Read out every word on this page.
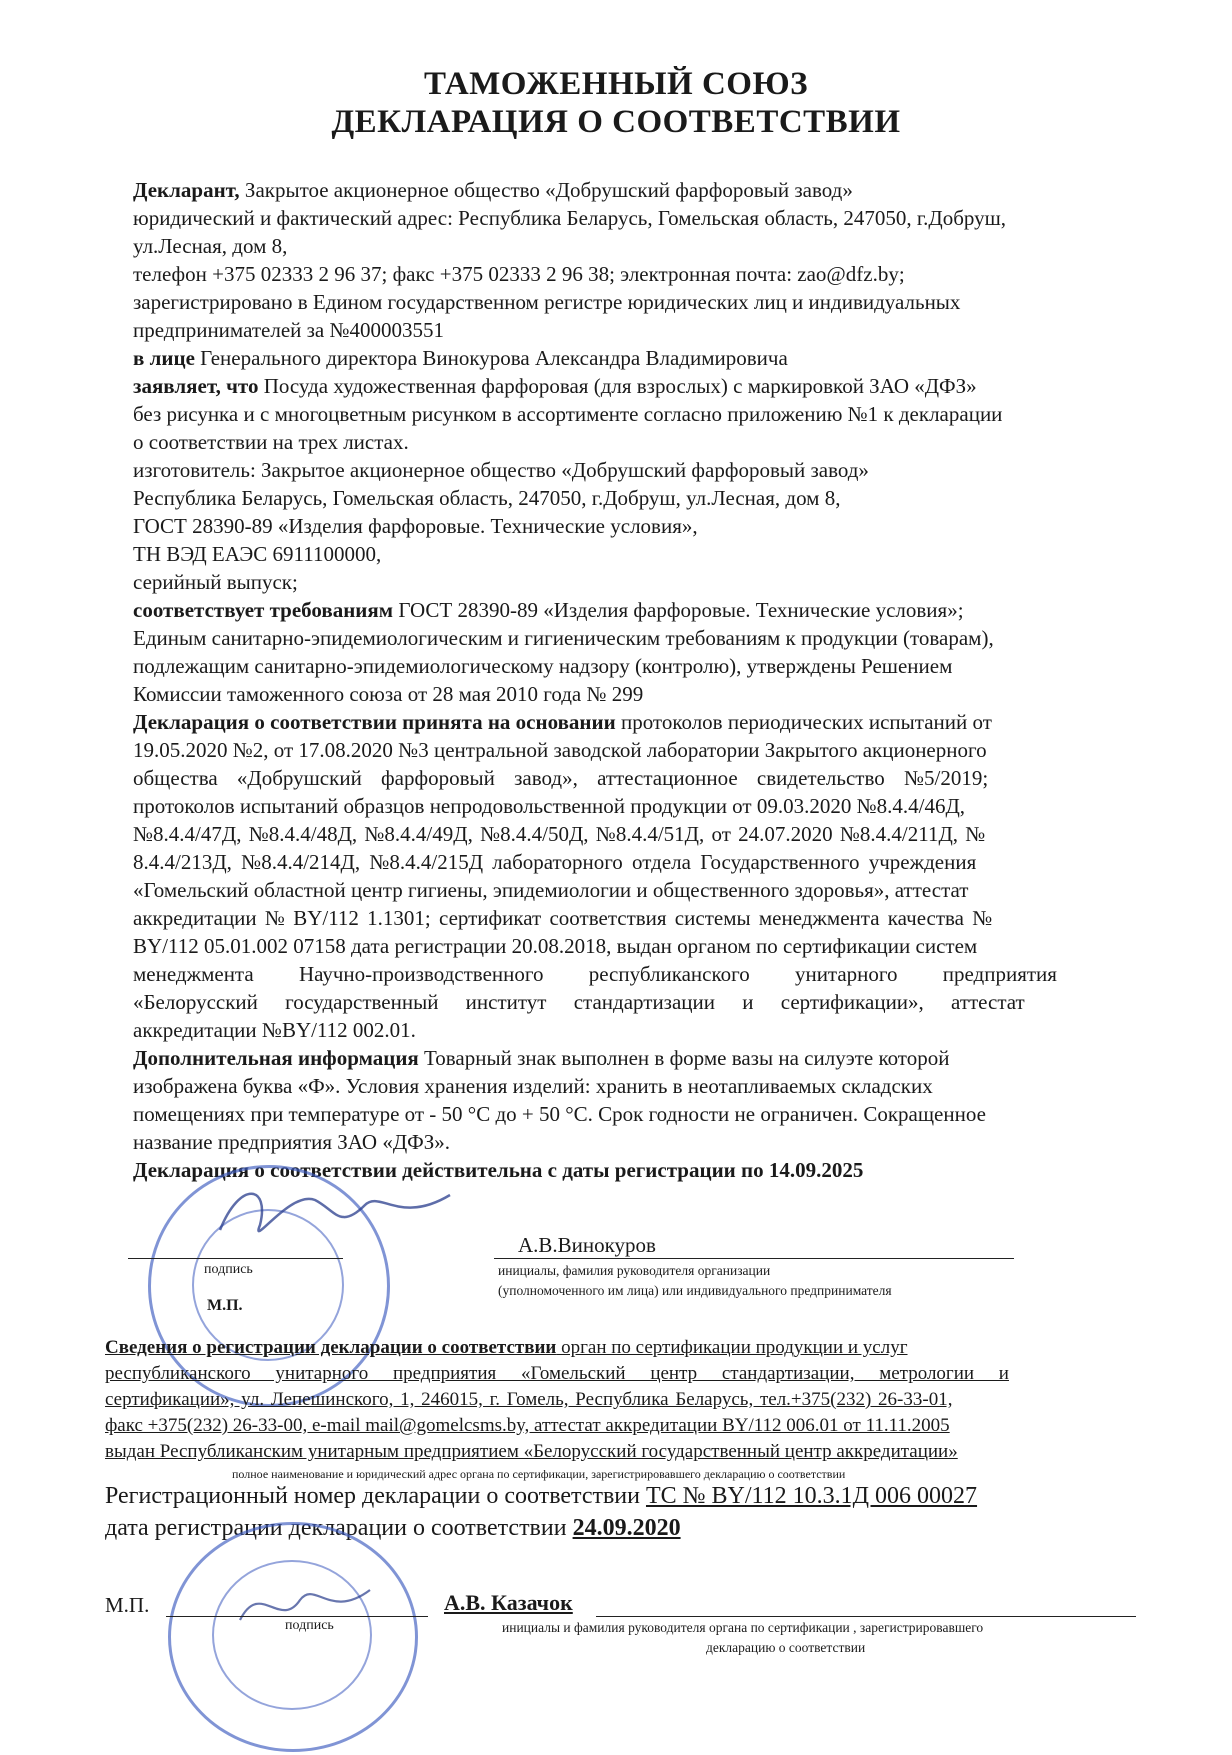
ТАМОЖЕННЫЙ СОЮЗ
ДЕКЛАРАЦИЯ О СООТВЕТСТВИИ
Декларант, Закрытое акционерное общество «Добрушский фарфоровый завод»
юридический и фактический адрес: Республика Беларусь, Гомельская область, 247050, г.Добруш,
ул.Лесная, дом 8,
телефон +375 02333 2 96 37; факс +375 02333 2 96 38; электронная почта: zao@dfz.by;
зарегистрировано в Едином государственном регистре юридических лиц и индивидуальных
предпринимателей за №400003551
в лице Генерального директора Винокурова Александра Владимировича
заявляет, что Посуда художественная фарфоровая (для взрослых) с маркировкой ЗАО «ДФЗ»
без рисунка и с многоцветным рисунком в ассортименте согласно приложению №1 к декларации
о соответствии на трех листах.
изготовитель: Закрытое акционерное общество «Добрушский фарфоровый завод»
Республика Беларусь, Гомельская область, 247050, г.Добруш, ул.Лесная, дом 8,
ГОСТ 28390-89 «Изделия фарфоровые. Технические условия»,
ТН ВЭД ЕАЭС 6911100000,
серийный выпуск;
соответствует требованиям ГОСТ 28390-89 «Изделия фарфоровые. Технические условия»;
Единым санитарно-эпидемиологическим и гигиеническим требованиям к продукции (товарам),
подлежащим санитарно-эпидемиологическому надзору (контролю), утверждены Решением
Комиссии таможенного союза от 28 мая 2010 года № 299
Декларация о соответствии принята на основании протоколов периодических испытаний от
19.05.2020 №2, от 17.08.2020 №3 центральной заводской лаборатории Закрытого акционерного
общества «Добрушский фарфоровый завод», аттестационное свидетельство №5/2019;
протоколов испытаний образцов непродовольственной продукции от 09.03.2020 №8.4.4/46Д,
№8.4.4/47Д, №8.4.4/48Д, №8.4.4/49Д, №8.4.4/50Д, №8.4.4/51Д, от 24.07.2020 №8.4.4/211Д, №
8.4.4/213Д, №8.4.4/214Д, №8.4.4/215Д лабораторного отдела Государственного учреждения
«Гомельский областной центр гигиены, эпидемиологии и общественного здоровья», аттестат
аккредитации № BY/112 1.1301; сертификат соответствия системы менеджмента качества №
BY/112 05.01.002 07158 дата регистрации 20.08.2018, выдан органом по сертификации систем
менеджмента Научно-производственного республиканского унитарного предприятия
«Белорусский государственный институт стандартизации и сертификации», аттестат
аккредитации №BY/112 002.01.
Дополнительная информация Товарный знак выполнен в форме вазы на силуэте которой
изображена буква «Ф». Условия хранения изделий: хранить в неотапливаемых складских
помещениях при температуре от - 50 °С до + 50 °С. Срок годности не ограничен. Сокращенное
название предприятия ЗАО «ДФЗ».
Декларация о соответствии действительна с даты регистрации по 14.09.2025
А.В.Винокуров
подпись	инициалы, фамилия руководителя организации
(уполномоченного им лица) или индивидуального предпринимателя
М.П.
Сведения о регистрации декларации о соответствии орган по сертификации продукции и услуг
республиканского унитарного предприятия «Гомельский центр стандартизации, метрологии и
сертификации», ул. Лепешинского, 1, 246015, г. Гомель, Республика Беларусь, тел.+375(232) 26-33-01,
факс +375(232) 26-33-00, e-mail mail@gomelcsms.by, аттестат аккредитации BY/112 006.01 от 11.11.2005
выдан Республиканским унитарным предприятием «Белорусский государственный центр аккредитации»
полное наименование и юридический адрес органа по сертификации, зарегистрировавшего декларацию о соответствии
Регистрационный номер декларации о соответствии ТС № BY/112 10.3.1Д 006 00027
дата регистрации декларации о соответствии 24.09.2020
М.П.
подпись
А.В. Казачок
инициалы и фамилия руководителя органа по сертификации , зарегистрировавшего
декларацию о соответствии
